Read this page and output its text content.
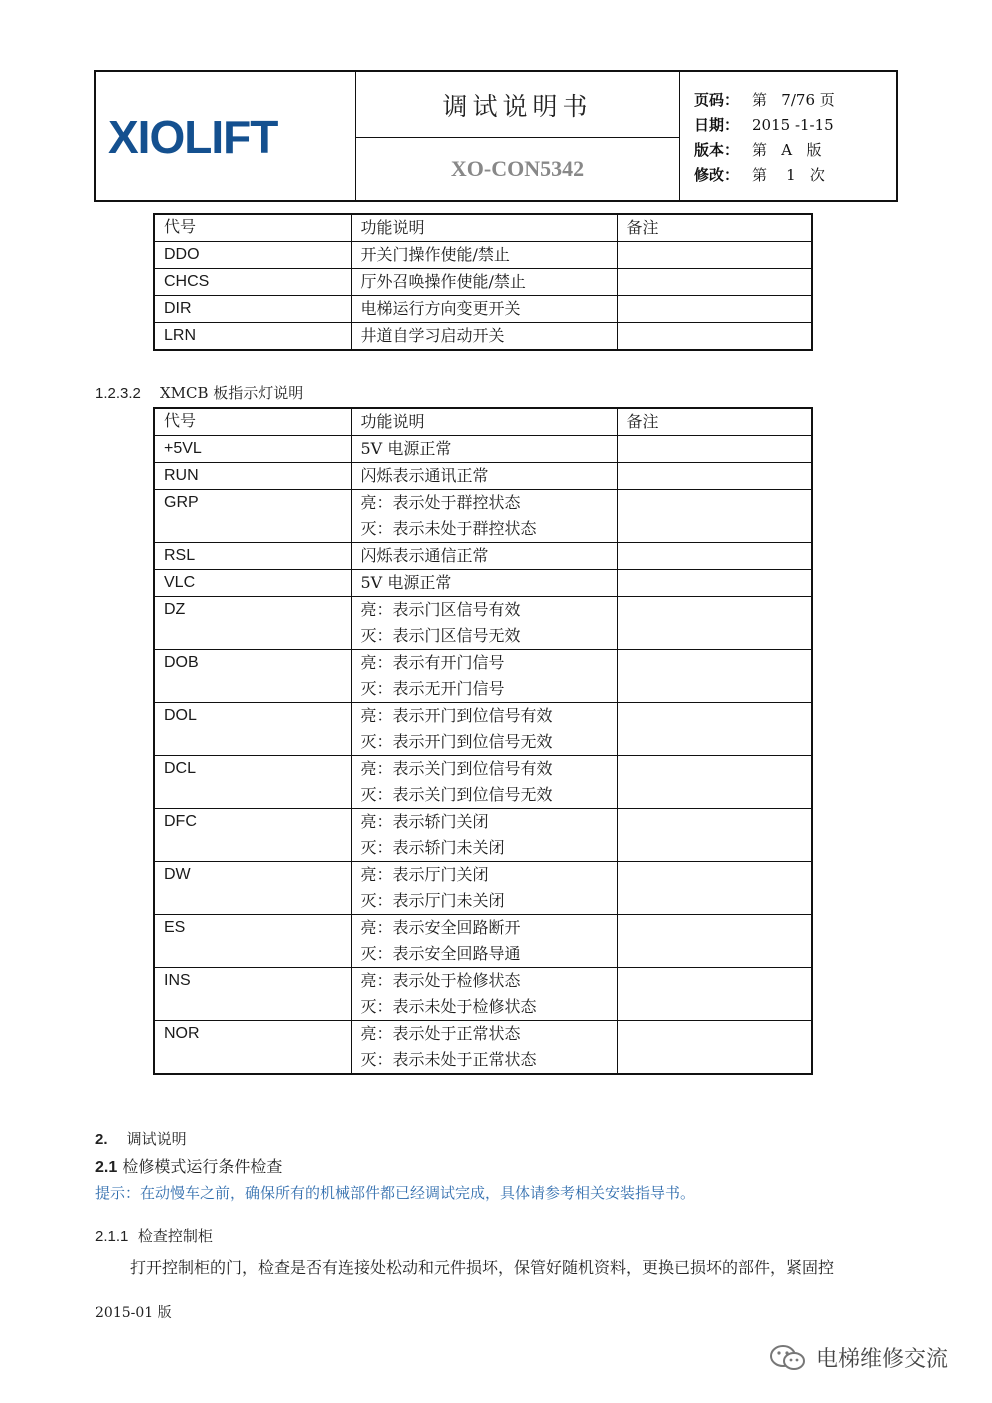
XIOLIFT
调试说明书
XO-CON5342
页码： 第   7/76 页
日期： 2015 -1-15
版本： 第   A   版
修改： 第    1   次
代号	功能说明	备注
DDO	开关门操作使能/禁止	
CHCS	厅外召唤操作使能/禁止	
DIR	电梯运行方向变更开关	
LRN	井道自学习启动开关	
1.2.3.2 XMCB 板指示灯说明
代号	功能说明	备注
+5VL	5V 电源正常	

RUN	闪烁表示通讯正常	

GRP	亮：表示处于群控状态
灭：表示未处于群控状态	

RSL	闪烁表示通信正常	

VLC	5V 电源正常	

DZ	亮：表示门区信号有效
灭：表示门区信号无效	

DOB	亮：表示有开门信号
灭：表示无开门信号	

DOL	亮：表示开门到位信号有效
灭：表示开门到位信号无效	

DCL	亮：表示关门到位信号有效
灭：表示关门到位信号无效	

DFC	亮：表示轿门关闭
灭：表示轿门未关闭	

DW	亮：表示厅门关闭
灭：表示厅门未关闭	

ES	亮：表示安全回路断开
灭：表示安全回路导通	

INS	亮：表示处于检修状态
灭：表示未处于检修状态	

NOR	亮：表示处于正常状态
灭：表示未处于正常状态	

2. 调试说明
2.1 检修模式运行条件检查
提示：在动慢车之前，确保所有的机械部件都已经调试完成，具体请参考相关安装指导书。
2.1.1 检查控制柜
打开控制柜的门，检查是否有连接处松动和元件损坏，保管好随机资料，更换已损坏的部件，紧固控
2015-01 版
电梯维修交流
